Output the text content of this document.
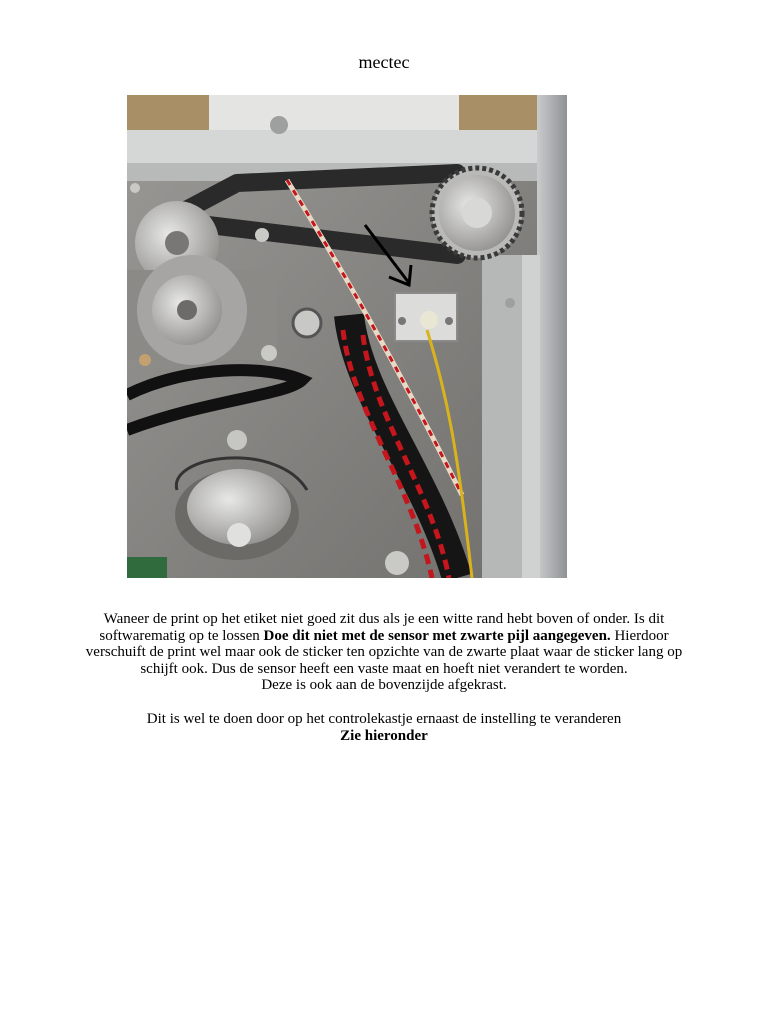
mectec
Waneer de print op het etiket niet goed zit dus als je een witte rand hebt boven of onder. Is dit softwarematig op te lossen Doe dit niet met de sensor met zwarte pijl aangegeven. Hierdoor verschuift de print wel maar ook de sticker ten opzichte van de zwarte plaat waar de sticker lang op schijft ook. Dus de sensor heeft een vaste maat en hoeft niet verandert te worden.
Deze is ook aan de bovenzijde afgekrast.
Dit is wel te doen door op het controlekastje ernaast de instelling te veranderen
Zie hieronder
